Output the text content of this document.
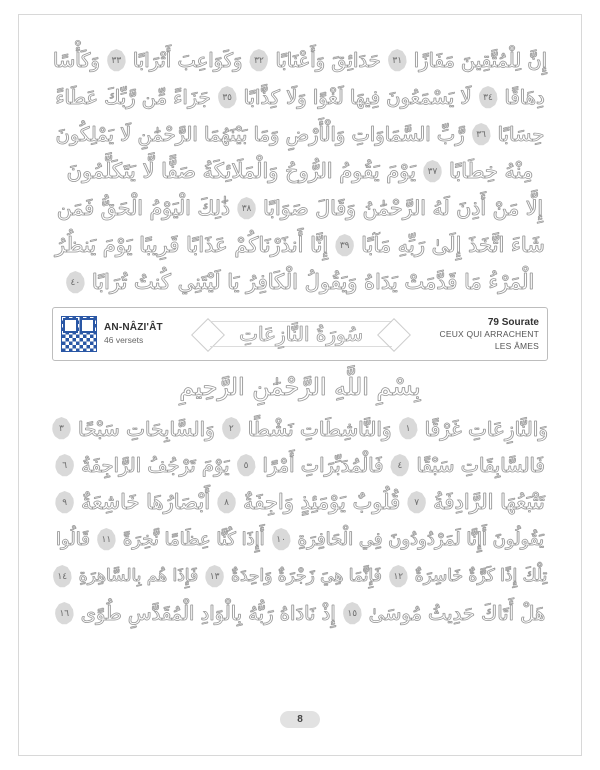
إِنَّ لِلْمُتَّقِينَ مَفَازًا
٣١
حَدَائِقَ وَأَعْنَابًا
٣٢
وَكَوَاعِبَ أَتْرَابًا
٣٣
وَكَأْسًا
دِهَاقًا
٣٤
لَا يَسْمَعُونَ فِيهَا لَغْوًا وَلَا كِذَّابًا
٣٥
جَزَاءً مِّن رَّبِّكَ عَطَاءً
حِسَابًا
٣٦
رَّبِّ السَّمَاوَاتِ وَالْأَرْضِ وَمَا بَيْنَهُمَا الرَّحْمَٰنِ لَا يَمْلِكُونَ
مِنْهُ خِطَابًا
٣٧
يَوْمَ يَقُومُ الرُّوحُ وَالْمَلَائِكَةُ صَفًّا لَّا يَتَكَلَّمُونَ
إِلَّا مَنْ أَذِنَ لَهُ الرَّحْمَٰنُ وَقَالَ صَوَابًا
٣٨
ذَٰلِكَ الْيَوْمُ الْحَقُّ فَمَن
شَاءَ اتَّخَذَ إِلَىٰ رَبِّهِ مَآبًا
٣٩
إِنَّا أَنذَرْنَاكُمْ عَذَابًا قَرِيبًا يَوْمَ يَنظُرُ
الْمَرْءُ مَا قَدَّمَتْ يَدَاهُ وَيَقُولُ الْكَافِرُ يَا لَيْتَنِي كُنتُ تُرَابًا
٤٠
AN-NÂZI'ÂT
46 versets	سُورَةُ النَّازِعَاتِ	79 Sourate
CEUX QUI ARRACHENT
LES ÂMES
بِسْمِ اللَّهِ الرَّحْمَٰنِ الرَّحِيمِ
وَالنَّازِعَاتِ غَرْقًا
١
وَالنَّاشِطَاتِ نَشْطًا
٢
وَالسَّابِحَاتِ سَبْحًا
٣
فَالسَّابِقَاتِ سَبْقًا
٤
فَالْمُدَبِّرَاتِ أَمْرًا
٥
يَوْمَ تَرْجُفُ الرَّاجِفَةُ
٦
تَتْبَعُهَا الرَّادِفَةُ
٧
قُلُوبٌ يَوْمَئِذٍ وَاجِفَةٌ
٨
أَبْصَارُهَا خَاشِعَةٌ
٩
يَقُولُونَ أَإِنَّا لَمَرْدُودُونَ فِي الْحَافِرَةِ
١٠
أَإِذَا كُنَّا عِظَامًا نَّخِرَةً
١١
قَالُوا
تِلْكَ إِذًا كَرَّةٌ خَاسِرَةٌ
١٢
فَإِنَّمَا هِيَ زَجْرَةٌ وَاحِدَةٌ
١٣
فَإِذَا هُم بِالسَّاهِرَةِ
١٤
هَلْ أَتَاكَ حَدِيثُ مُوسَىٰ
١٥
إِذْ نَادَاهُ رَبُّهُ بِالْوَادِ الْمُقَدَّسِ طُوًى
١٦
8
